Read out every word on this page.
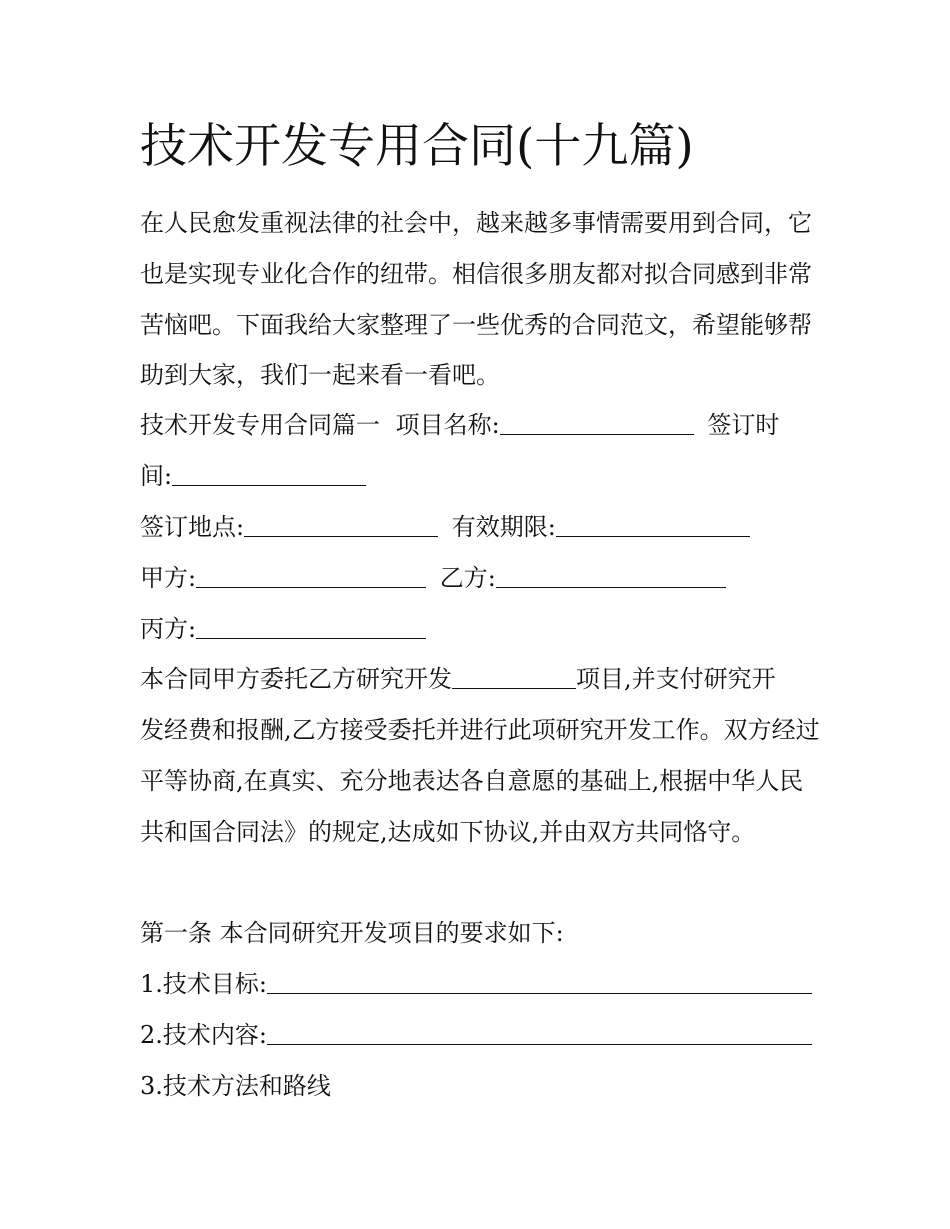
技术开发专用合同(十九篇)
在人民愈发重视法律的社会中，越来越多事情需要用到合同，它也是实现专业化合作的纽带。相信很多朋友都对拟合同感到非常苦恼吧。下面我给大家整理了一些优秀的合同范文，希望能够帮助到大家，我们一起来看一看吧。
技术开发专用合同篇一 项目名称:	签订时
间:
签订地点:	有效期限:
甲方:	乙方:
丙方:
本合同甲方委托乙方研究开发	项目,并支付研究开
发经费和报酬,乙方接受委托并进行此项研究开发工作。双方经过平等协商,在真实、充分地表达各自意愿的基础上,根据中华人民共和国合同法》的规定,达成如下协议,并由双方共同恪守。
第一条 本合同研究开发项目的要求如下:
1.技术目标:
2.技术内容:
3.技术方法和路线
